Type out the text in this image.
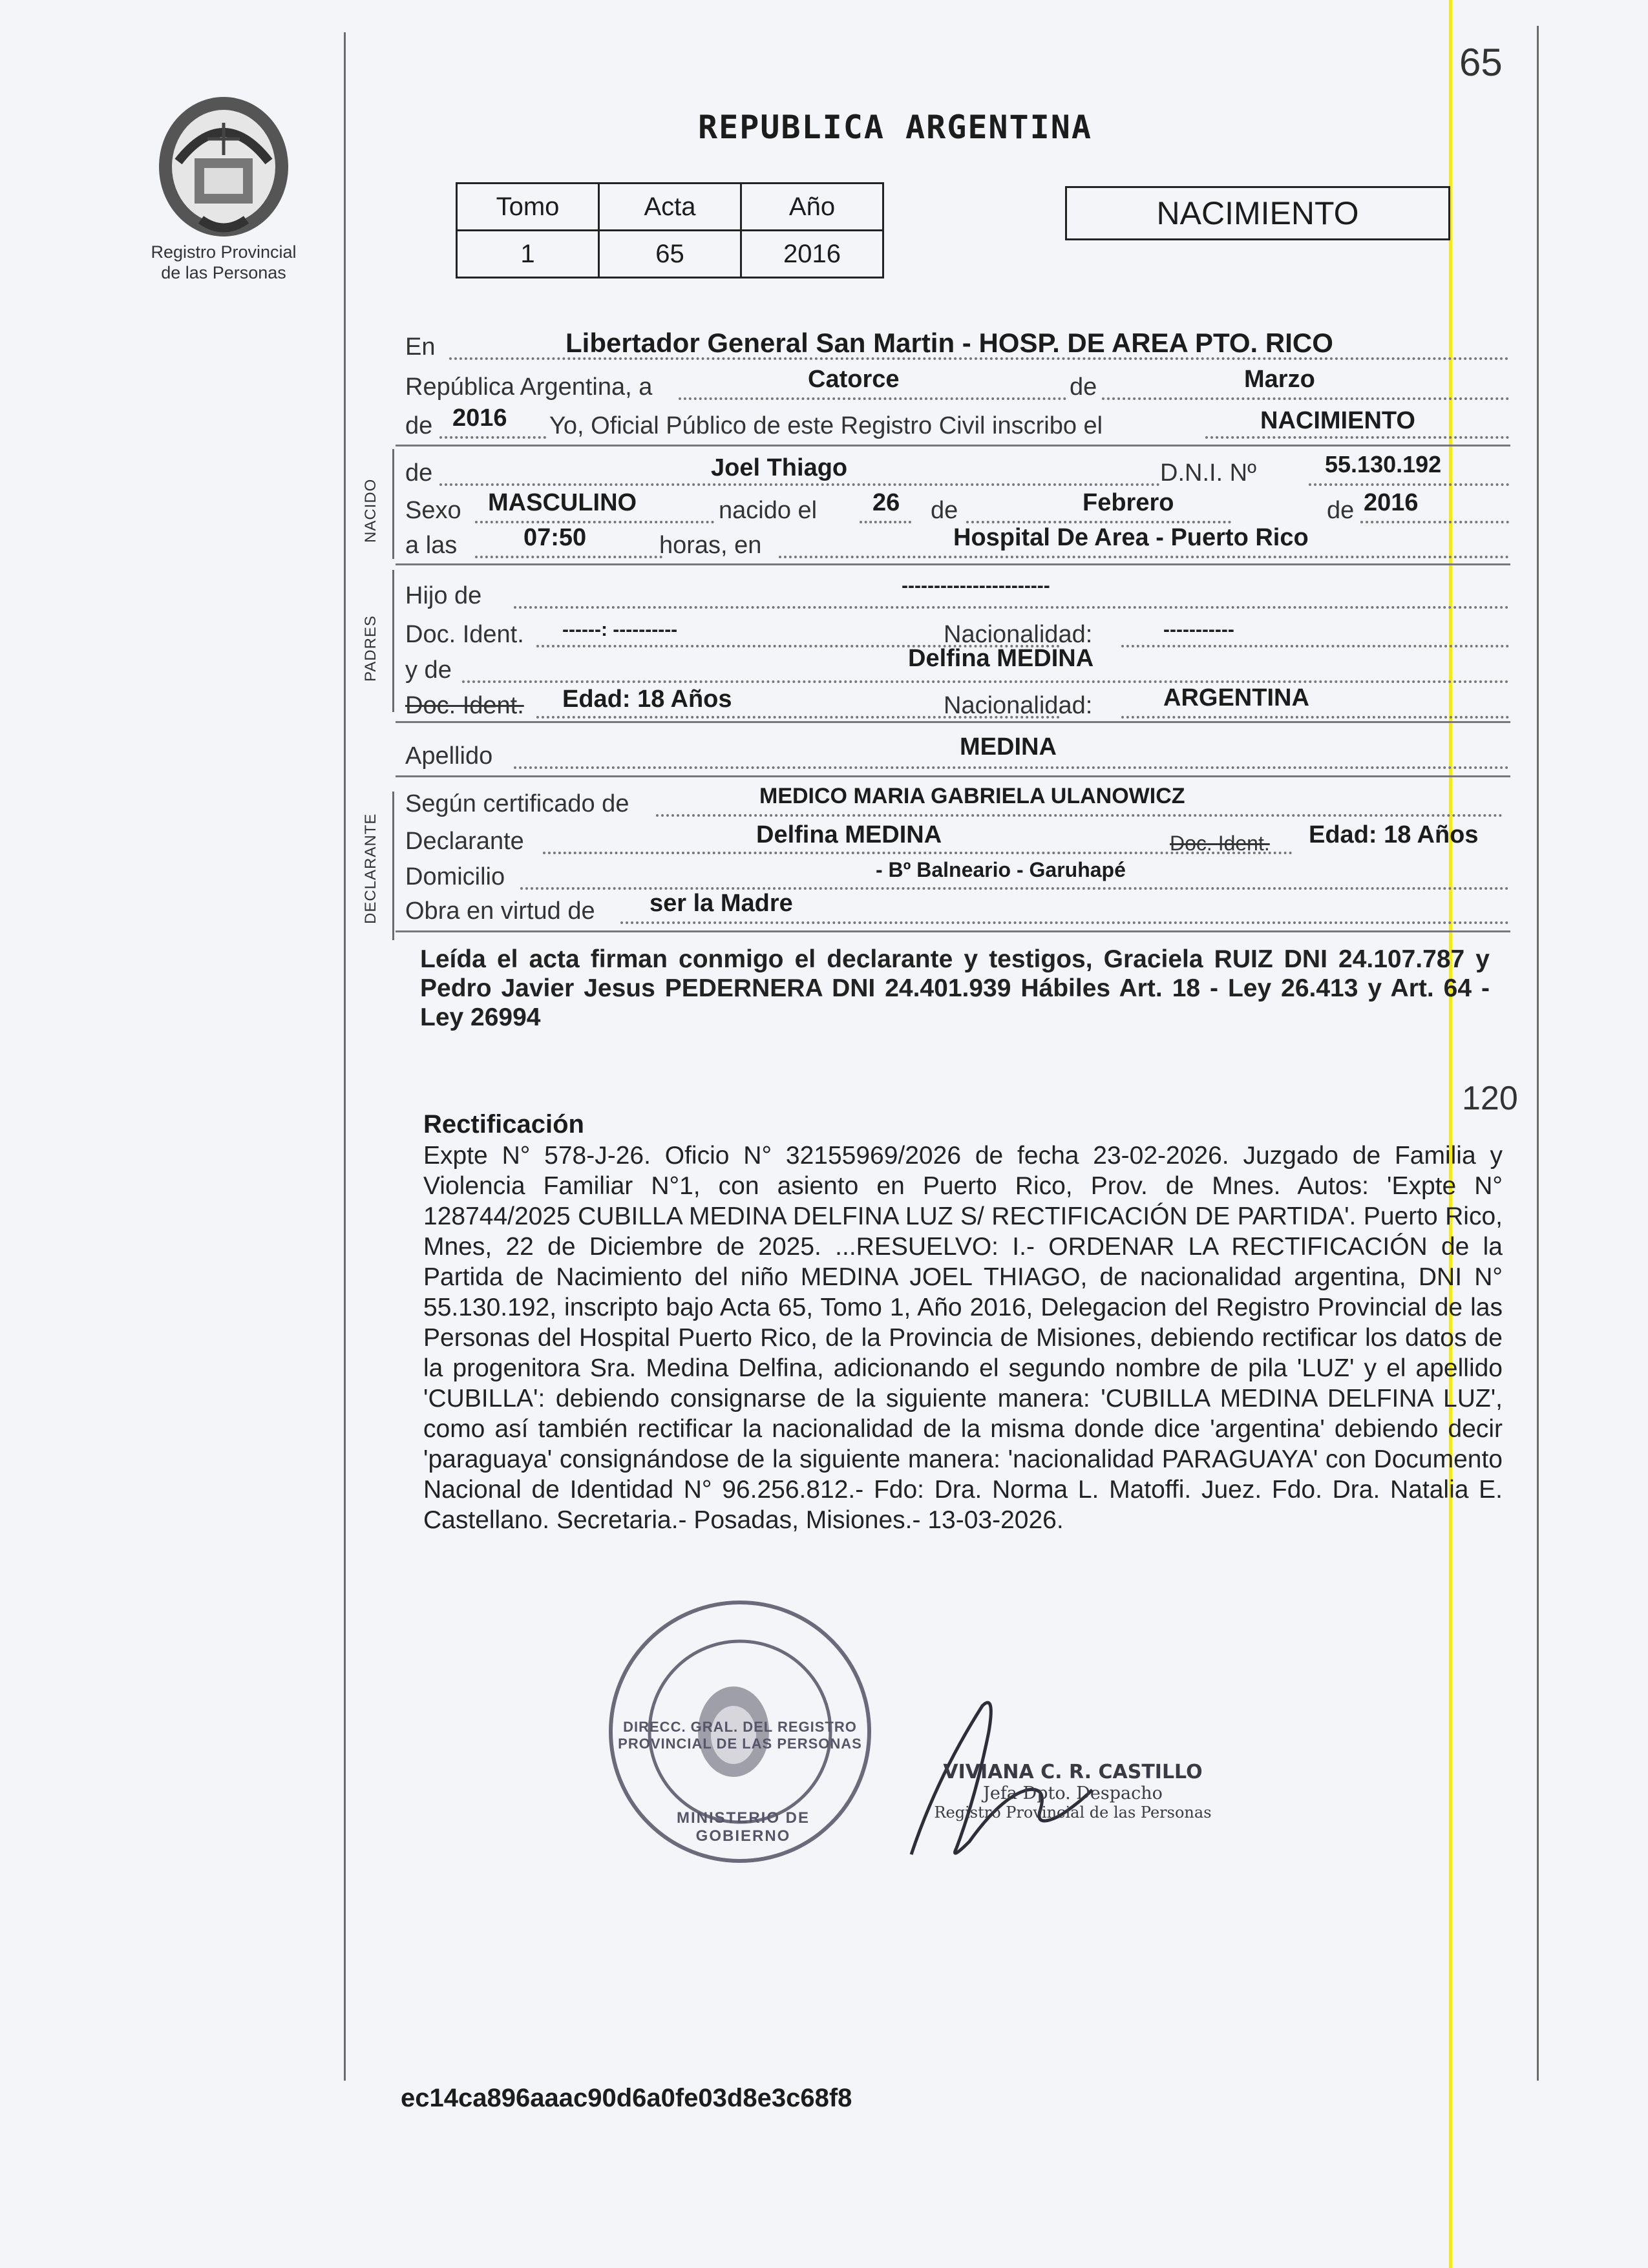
65
Registro Provincial
de las Personas
REPUBLICA ARGENTINA
Tomo	Acta	Año
1	65	2016
NACIMIENTO
En	Libertador General San Martin - HOSP. DE AREA PTO. RICO
República Argentina, a	Catorce	de	Marzo
de 2016 Yo, Oficial Público de este Registro Civil inscribo el	NACIMIENTO
NACIDO
de	Joel Thiago	D.N.I. Nº	55.130.192
Sexo MASCULINO	nacido el 26 de	Febrero	de 2016
a las	07:50	horas, en	Hospital De Area - Puerto Rico
PADRES
Hijo de	-----------------------
Doc. Ident. ------: ----------	Nacionalidad:	-----------
y de	Delfina MEDINA
Doc. Ident. Edad: 18 Años	Nacionalidad:	ARGENTINA
Apellido	MEDINA
DECLARANTE
Según certificado de	MEDICO MARIA GABRIELA ULANOWICZ
Declarante	Delfina MEDINA	Doc. Ident. Edad: 18 Años
Domicilio	- Bº Balneario - Garuhapé
Obra en virtud de ser la Madre
Leída el acta firman conmigo el declarante y testigos, Graciela RUIZ DNI 24.107.787 y Pedro Javier Jesus PEDERNERA DNI 24.401.939 Hábiles Art. 18 - Ley 26.413 y Art. 64 - Ley 26994
120
Rectificación
Expte N° 578-J-26. Oficio N° 32155969/2026 de fecha 23-02-2026. Juzgado de Familia y Violencia Familiar N°1, con asiento en Puerto Rico, Prov. de Mnes. Autos: 'Expte N° 128744/2025 CUBILLA MEDINA DELFINA LUZ S/ RECTIFICACIÓN DE PARTIDA'. Puerto Rico, Mnes, 22 de Diciembre de 2025. ...RESUELVO: I.- ORDENAR LA RECTIFICACIÓN de la Partida de Nacimiento del niño MEDINA JOEL THIAGO, de nacionalidad argentina, DNI N° 55.130.192, inscripto bajo Acta 65, Tomo 1, Año 2016, Delegacion del Registro Provincial de las Personas del Hospital Puerto Rico, de la Provincia de Misiones, debiendo rectificar los datos de la progenitora Sra. Medina Delfina, adicionando el segundo nombre de pila 'LUZ' y el apellido 'CUBILLA': debiendo consignarse de la siguiente manera: 'CUBILLA MEDINA DELFINA LUZ', como así también rectificar la nacionalidad de la misma donde dice 'argentina' debiendo decir 'paraguaya' consignándose de la siguiente manera: 'nacionalidad PARAGUAYA' con Documento Nacional de Identidad N° 96.256.812.- Fdo: Dra. Norma L. Matoffi. Juez. Fdo. Dra. Natalia E. Castellano. Secretaria.- Posadas, Misiones.- 13-03-2026.
DIRECC. GRAL. DEL REGISTRO PROVINCIAL DE LAS PERSONAS
MINISTERIO DE GOBIERNO
VIVIANA C. R. CASTILLO
Jefa Dpto. Despacho
Registro Provincial de las Personas
ec14ca896aaac90d6a0fe03d8e3c68f8
